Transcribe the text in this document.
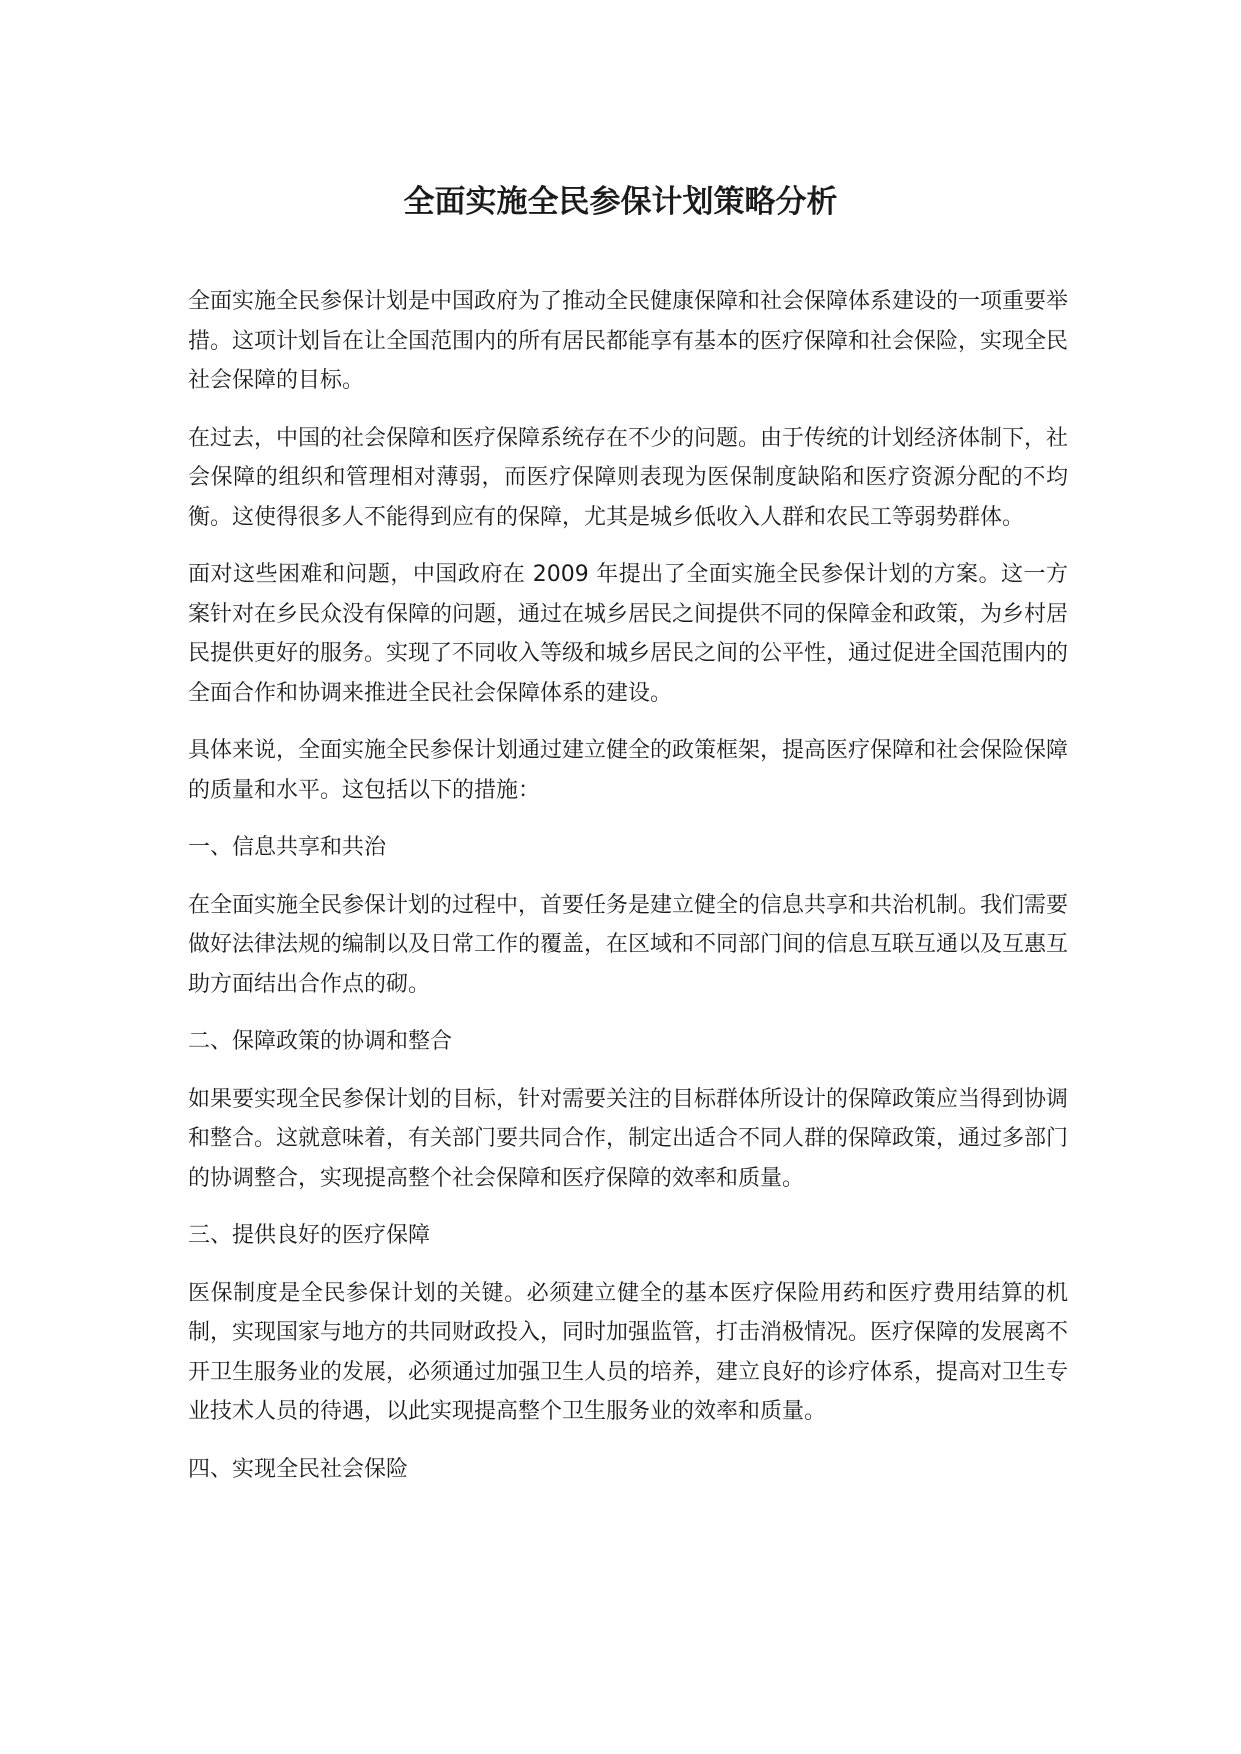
全面实施全民参保计划策略分析

全面实施全民参保计划是中国政府为了推动全民健康保障和社会保障体系建设的一项重要举措。这项计划旨在让全国范围内的所有居民都能享有基本的医疗保障和社会保险，实现全民社会保障的目标。

在过去，中国的社会保障和医疗保障系统存在不少的问题。由于传统的计划经济体制下，社会保障的组织和管理相对薄弱，而医疗保障则表现为医保制度缺陷和医疗资源分配的不均衡。这使得很多人不能得到应有的保障，尤其是城乡低收入人群和农民工等弱势群体。

面对这些困难和问题，中国政府在 2009 年提出了全面实施全民参保计划的方案。这一方案针对在乡民众没有保障的问题，通过在城乡居民之间提供不同的保障金和政策，为乡村居民提供更好的服务。实现了不同收入等级和城乡居民之间的公平性，通过促进全国范围内的全面合作和协调来推进全民社会保障体系的建设。

具体来说，全面实施全民参保计划通过建立健全的政策框架，提高医疗保障和社会保险保障的质量和水平。这包括以下的措施：

一、信息共享和共治

在全面实施全民参保计划的过程中，首要任务是建立健全的信息共享和共治机制。我们需要做好法律法规的编制以及日常工作的覆盖，在区域和不同部门间的信息互联互通以及互惠互助方面结出合作点的砌。

二、保障政策的协调和整合

如果要实现全民参保计划的目标，针对需要关注的目标群体所设计的保障政策应当得到协调和整合。这就意味着，有关部门要共同合作，制定出适合不同人群的保障政策，通过多部门的协调整合，实现提高整个社会保障和医疗保障的效率和质量。

三、提供良好的医疗保障

医保制度是全民参保计划的关键。必须建立健全的基本医疗保险用药和医疗费用结算的机制，实现国家与地方的共同财政投入，同时加强监管，打击消极情况。医疗保障的发展离不开卫生服务业的发展，必须通过加强卫生人员的培养，建立良好的诊疗体系，提高对卫生专业技术人员的待遇，以此实现提高整个卫生服务业的效率和质量。

四、实现全民社会保险
